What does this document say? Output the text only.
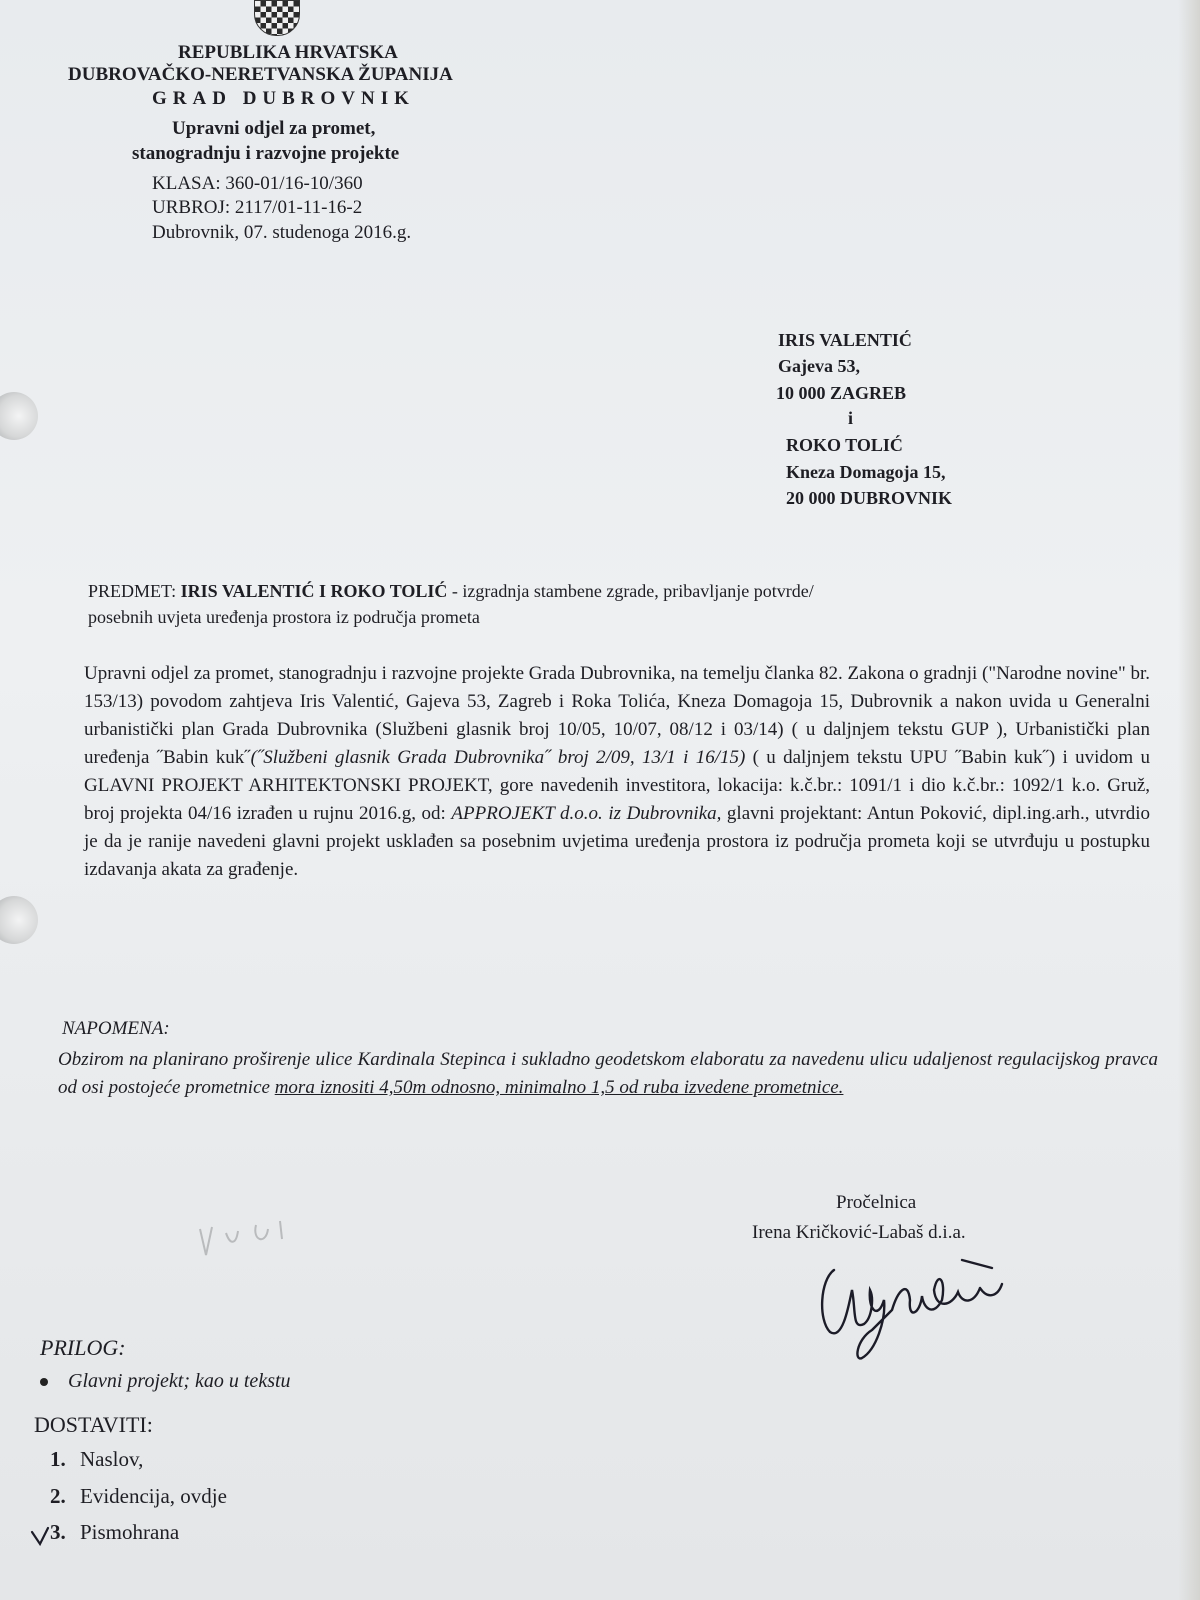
REPUBLIKA HRVATSKA
DUBROVAČKO-NERETVANSKA ŽUPANIJA
GRAD DUBROVNIK
Upravni odjel za promet,
stanogradnju i razvojne projekte
KLASA: 360-01/16-10/360
URBROJ: 2117/01-11-16-2
Dubrovnik, 07. studenoga 2016.g.
IRIS VALENTIĆ
Gajeva 53,
10 000 ZAGREB
i
ROKO TOLIĆ
Kneza Domagoja 15,
20 000 DUBROVNIK
PREDMET: IRIS VALENTIĆ I ROKO TOLIĆ - izgradnja stambene zgrade, pribavljanje potvrde/
posebnih uvjeta uređenja prostora iz područja prometa
Upravni odjel za promet, stanogradnju i razvojne projekte Grada Dubrovnika, na temelju članka 82. Zakona o gradnji ("Narodne novine" br. 153/13) povodom zahtjeva Iris Valentić, Gajeva 53, Zagreb i Roka Tolića, Kneza Domagoja 15, Dubrovnik a nakon uvida u Generalni urbanistički plan Grada Dubrovnika (Službeni glasnik broj 10/05, 10/07, 08/12 i 03/14) ( u daljnjem tekstu GUP ), Urbanistički plan uređenja ˝Babin kuk˝(˝Službeni glasnik Grada Dubrovnika˝ broj 2/09, 13/1 i 16/15) ( u daljnjem tekstu UPU ˝Babin kuk˝) i uvidom u GLAVNI PROJEKT ARHITEKTONSKI PROJEKT, gore navedenih investitora, lokacija: k.č.br.: 1091/1 i dio k.č.br.: 1092/1 k.o. Gruž, broj projekta 04/16 izrađen u rujnu 2016.g, od: APPROJEKT d.o.o. iz Dubrovnika, glavni projektant: Antun Poković, dipl.ing.arh., utvrdio je da je ranije navedeni glavni projekt usklađen sa posebnim uvjetima uređenja prostora iz područja prometa koji se utvrđuju u postupku izdavanja akata za građenje.
NAPOMENA:
Obzirom na planirano proširenje ulice Kardinala Stepinca i sukladno geodetskom elaboratu za navedenu ulicu udaljenost regulacijskog pravca od osi postojeće prometnice mora iznositi 4,50m odnosno, minimalno 1,5 od ruba izvedene prometnice.
Pročelnica
Irena Kričković-Labaš d.i.a.
PRILOG:
Glavni projekt; kao u tekstu
DOSTAVITI:
1. Naslov,
2. Evidencija, ovdje
3. Pismohrana
